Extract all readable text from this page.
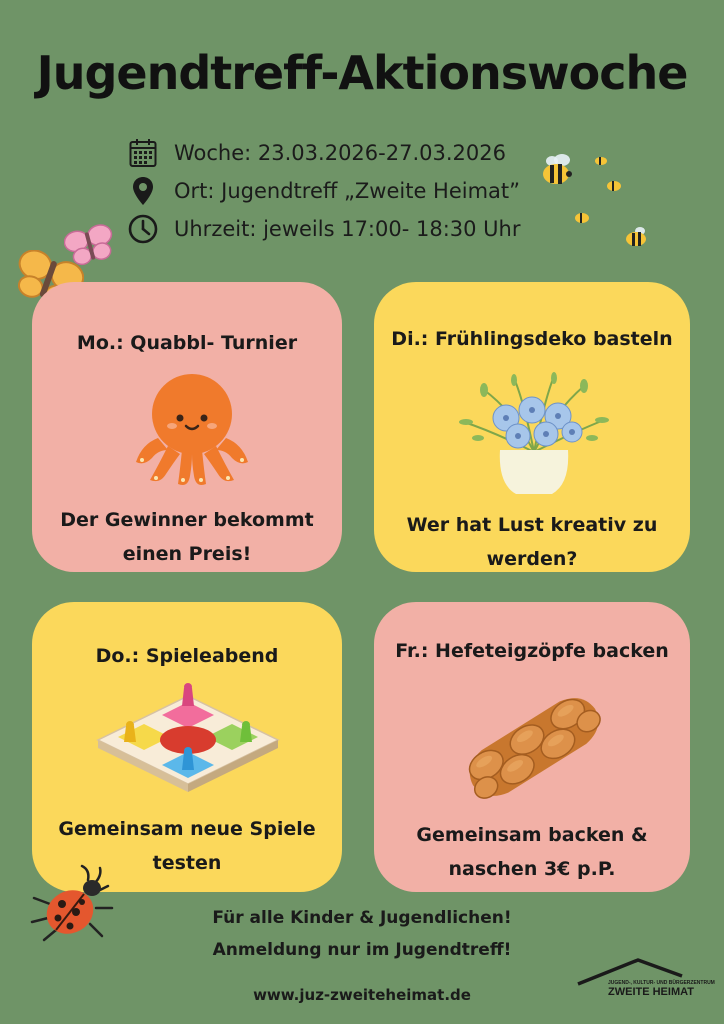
Jugendtreff-Aktionswoche
Woche: 23.03.2026-27.03.2026
Ort: Jugendtreff „Zweite Heimat”
Uhrzeit: jeweils 17:00- 18:30 Uhr
Mo.: Quabbl- Turnier
Der Gewinner bekommt
einen Preis!
Di.: Frühlingsdeko basteln
Wer hat Lust kreativ zu
werden?
Do.: Spieleabend
Gemeinsam neue Spiele
testen
Fr.: Hefeteigzöpfe backen
Gemeinsam backen &
naschen 3€ p.P.
Für alle Kinder & Jugendlichen!
Anmeldung nur im Jugendtreff!
www.juz-zweiteheimat.de
JUGEND-, KULTUR- UND BÜRGERZENTRUM
ZWEITE HEIMAT
